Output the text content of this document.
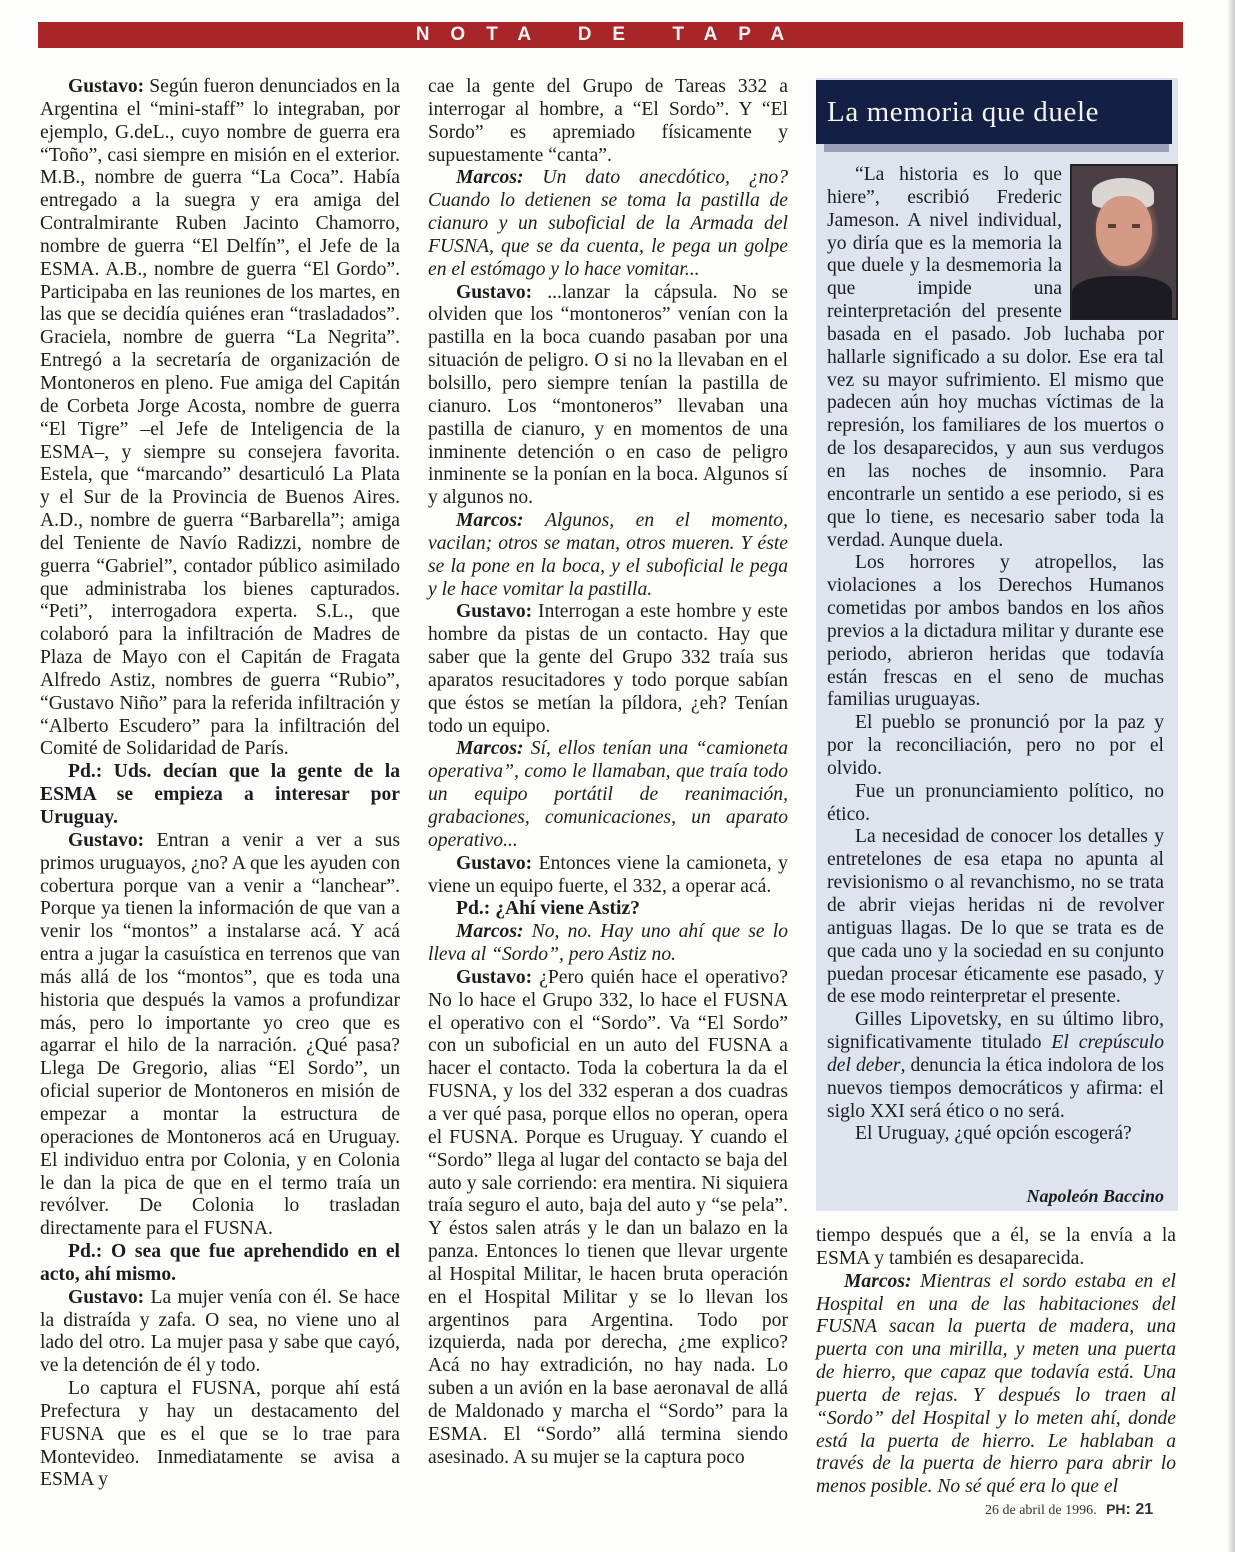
NOTA DE TAPA

Gustavo: Según fueron denunciados en la Argentina el “mini-staff” lo integraban, por ejemplo, G.deL., cuyo nombre de guerra era “Toño”, casi siempre en misión en el exterior. M.B., nombre de guerra “La Coca”. Había entregado a la suegra y era amiga del Contralmirante Ruben Jacinto Chamorro, nombre de guerra “El Delfín”, el Jefe de la ESMA. A.B., nombre de guerra “El Gordo”. Participaba en las reuniones de los martes, en las que se decidía quiénes eran “trasladados”. Graciela, nombre de guerra “La Negrita”. Entregó a la secretaría de organización de Montoneros en pleno. Fue amiga del Capitán de Corbeta Jorge Acosta, nombre de guerra “El Tigre” –el Jefe de Inteligencia de la ESMA–, y siempre su consejera favorita. Estela, que “marcando” desarticuló La Plata y el Sur de la Provincia de Buenos Aires. A.D., nombre de guerra “Barbarella”; amiga del Teniente de Navío Radizzi, nombre de guerra “Gabriel”, contador público asimilado que administraba los bienes capturados. “Peti”, interrogadora experta. S.L., que colaboró para la infiltración de Madres de Plaza de Mayo con el Capitán de Fragata Alfredo Astiz, nombres de guerra “Rubio”, “Gustavo Niño” para la referida infiltración y “Alberto Escudero” para la infiltración del Comité de Solidaridad de París.

Pd.: Uds. decían que la gente de la ESMA se empieza a interesar por Uruguay.

Gustavo: Entran a venir a ver a sus primos uruguayos, ¿no? A que les ayuden con cobertura porque van a venir a “lanchear”. Porque ya tienen la información de que van a venir los “montos” a instalarse acá. Y acá entra a jugar la casuística en terrenos que van más allá de los “montos”, que es toda una historia que después la vamos a profundizar más, pero lo importante yo creo que es agarrar el hilo de la narración. ¿Qué pasa? Llega De Gregorio, alias “El Sordo”, un oficial superior de Montoneros en misión de empezar a montar la estructura de operaciones de Montoneros acá en Uruguay. El individuo entra por Colonia, y en Colonia le dan la pica de que en el termo traía un revólver. De Colonia lo trasladan directamente para el FUSNA.

Pd.: O sea que fue aprehendido en el acto, ahí mismo.

Gustavo: La mujer venía con él. Se hace la distraída y zafa. O sea, no viene uno al lado del otro. La mujer pasa y sabe que cayó, ve la detención de él y todo.

Lo captura el FUSNA, porque ahí está Prefectura y hay un destacamento del FUSNA que es el que se lo trae para Montevideo. Inmediatamente se avisa a ESMA y

cae la gente del Grupo de Tareas 332 a interrogar al hombre, a “El Sordo”. Y “El Sordo” es apremiado físicamente y supuestamente “canta”.

Marcos: Un dato anecdótico, ¿no? Cuando lo detienen se toma la pastilla de cianuro y un suboficial de la Armada del FUSNA, que se da cuenta, le pega un golpe en el estómago y lo hace vomitar...

Gustavo: ...lanzar la cápsula. No se olviden que los “montoneros” venían con la pastilla en la boca cuando pasaban por una situación de peligro. O si no la llevaban en el bolsillo, pero siempre tenían la pastilla de cianuro. Los “montoneros” llevaban una pastilla de cianuro, y en momentos de una inminente detención o en caso de peligro inminente se la ponían en la boca. Algunos sí y algunos no.

Marcos: Algunos, en el momento, vacilan; otros se matan, otros mueren. Y éste se la pone en la boca, y el suboficial le pega y le hace vomitar la pastilla.

Gustavo: Interrogan a este hombre y este hombre da pistas de un contacto. Hay que saber que la gente del Grupo 332 traía sus aparatos resucitadores y todo porque sabían que éstos se metían la píldora, ¿eh? Tenían todo un equipo.

Marcos: Sí, ellos tenían una “camioneta operativa”, como le llamaban, que traía todo un equipo portátil de reanimación, grabaciones, comunicaciones, un aparato operativo...

Gustavo: Entonces viene la camioneta, y viene un equipo fuerte, el 332, a operar acá.

Pd.: ¿Ahí viene Astiz?

Marcos: No, no. Hay uno ahí que se lo lleva al “Sordo”, pero Astiz no.

Gustavo: ¿Pero quién hace el operativo? No lo hace el Grupo 332, lo hace el FUSNA el operativo con el “Sordo”. Va “El Sordo” con un suboficial en un auto del FUSNA a hacer el contacto. Toda la cobertura la da el FUSNA, y los del 332 esperan a dos cuadras a ver qué pasa, porque ellos no operan, opera el FUSNA. Porque es Uruguay. Y cuando el “Sordo” llega al lugar del contacto se baja del auto y sale corriendo: era mentira. Ni siquiera traía seguro el auto, baja del auto y “se pela”. Y éstos salen atrás y le dan un balazo en la panza. Entonces lo tienen que llevar urgente al Hospital Militar, le hacen bruta operación en el Hospital Militar y se lo llevan los argentinos para Argentina. Todo por izquierda, nada por derecha, ¿me explico? Acá no hay extradición, no hay nada. Lo suben a un avión en la base aeronaval de allá de Maldonado y marcha el “Sordo” para la ESMA. El “Sordo” allá termina siendo asesinado. A su mujer se la captura poco

La memoria que duele

“La historia es lo que hiere”, escribió Frederic Jameson. A nivel individual, yo diría que es la memoria la que duele y la desmemoria la que impide una reinterpretación del presente basada en el pasado. Job luchaba por hallarle significado a su dolor. Ese era tal vez su mayor sufrimiento. El mismo que padecen aún hoy muchas víctimas de la represión, los familiares de los muertos o de los desaparecidos, y aun sus verdugos en las noches de insomnio. Para encontrarle un sentido a ese periodo, si es que lo tiene, es necesario saber toda la verdad. Aunque duela.

Los horrores y atropellos, las violaciones a los Derechos Humanos cometidas por ambos bandos en los años previos a la dictadura militar y durante ese periodo, abrieron heridas que todavía están frescas en el seno de muchas familias uruguayas.

El pueblo se pronunció por la paz y por la reconciliación, pero no por el olvido.

Fue un pronunciamiento político, no ético.

La necesidad de conocer los detalles y entretelones de esa etapa no apunta al revisionismo o al revanchismo, no se trata de abrir viejas heridas ni de revolver antiguas llagas. De lo que se trata es de que cada uno y la sociedad en su conjunto puedan procesar éticamente ese pasado, y de ese modo reinterpretar el presente.

Gilles Lipovetsky, en su último libro, significativamente titulado El crepúsculo del deber, denuncia la ética indolora de los nuevos tiempos democráticos y afirma: el siglo XXI será ético o no será.

El Uruguay, ¿qué opción escogerá?

Napoleón Baccino

tiempo después que a él, se la envía a la ESMA y también es desaparecida.

Marcos: Mientras el sordo estaba en el Hospital en una de las habitaciones del FUSNA sacan la puerta de madera, una puerta con una mirilla, y meten una puerta de hierro, que capaz que todavía está. Una puerta de rejas. Y después lo traen al “Sordo” del Hospital y lo meten ahí, donde está la puerta de hierro. Le hablaban a través de la puerta de hierro para abrir lo menos posible. No sé qué era lo que el

26 de abril de 1996. PH: 21
